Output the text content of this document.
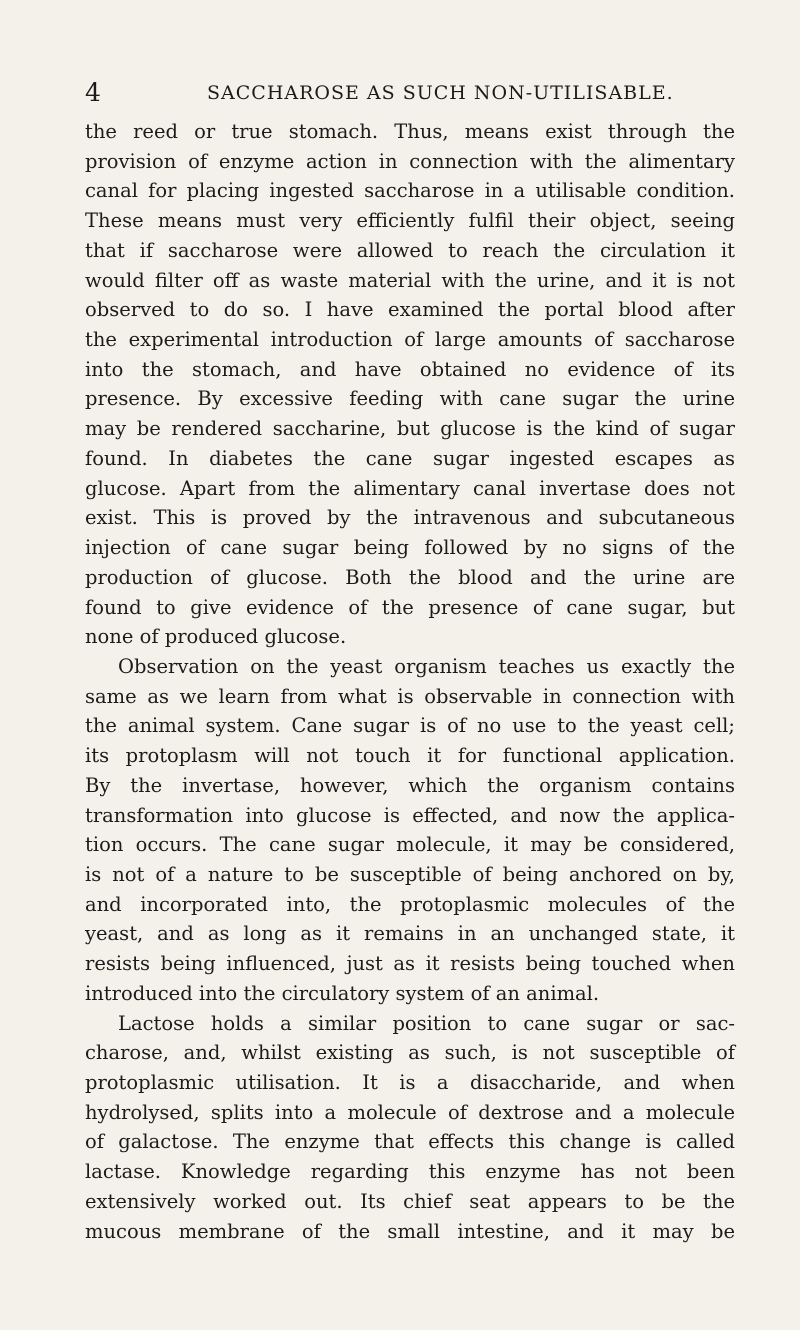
4	SACCHAROSE AS SUCH NON-UTILISABLE.
the reed or true stomach. Thus, means exist through the
provision of enzyme action in connection with the alimentary
canal for placing ingested saccharose in a utilisable condition.
These means must very efficiently fulfil their object, seeing
that if saccharose were allowed to reach the circulation it
would filter off as waste material with the urine, and it is not
observed to do so. I have examined the portal blood after
the experimental introduction of large amounts of saccharose
into the stomach, and have obtained no evidence of its
presence. By excessive feeding with cane sugar the urine
may be rendered saccharine, but glucose is the kind of sugar
found. In diabetes the cane sugar ingested escapes as
glucose. Apart from the alimentary canal invertase does not
exist. This is proved by the intravenous and subcutaneous
injection of cane sugar being followed by no signs of the
production of glucose. Both the blood and the urine are
found to give evidence of the presence of cane sugar, but
none of produced glucose.
Observation on the yeast organism teaches us exactly the
same as we learn from what is observable in connection with
the animal system. Cane sugar is of no use to the yeast cell;
its protoplasm will not touch it for functional application.
By the invertase, however, which the organism contains
transformation into glucose is effected, and now the applica-
tion occurs. The cane sugar molecule, it may be considered,
is not of a nature to be susceptible of being anchored on by,
and incorporated into, the protoplasmic molecules of the
yeast, and as long as it remains in an unchanged state, it
resists being influenced, just as it resists being touched when
introduced into the circulatory system of an animal.
Lactose holds a similar position to cane sugar or sac-
charose, and, whilst existing as such, is not susceptible of
protoplasmic utilisation. It is a disaccharide, and when
hydrolysed, splits into a molecule of dextrose and a molecule
of galactose. The enzyme that effects this change is called
lactase. Knowledge regarding this enzyme has not been
extensively worked out. Its chief seat appears to be the
mucous membrane of the small intestine, and it may be
